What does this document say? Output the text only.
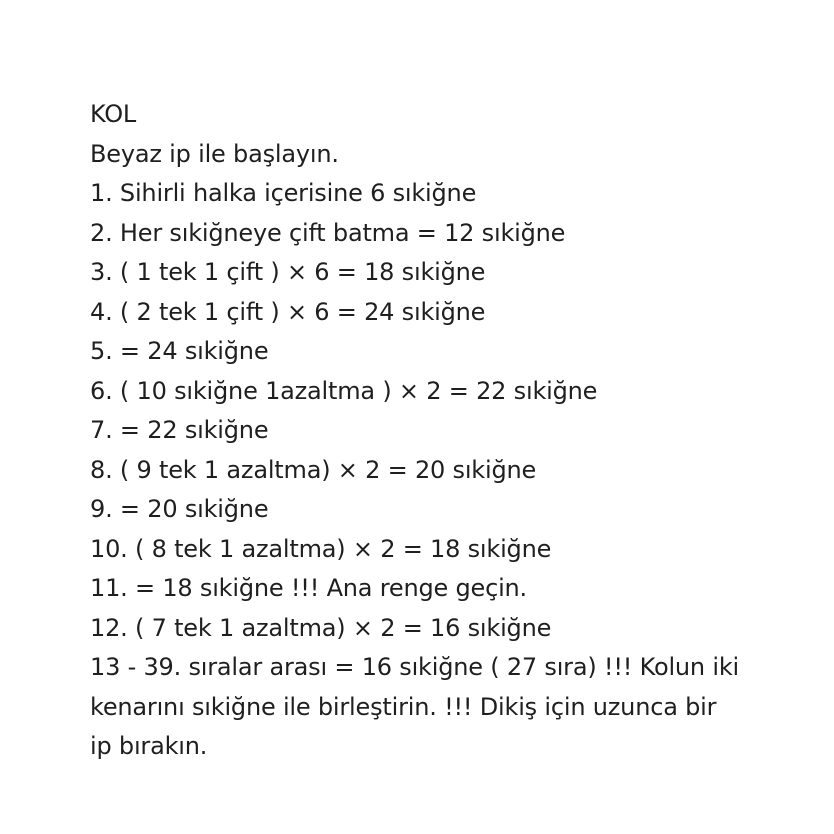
KOL
Beyaz ip ile başlayın.
1. Sihirli halka içerisine 6 sıkiğne
2. Her sıkiğneye çift batma = 12 sıkiğne
3. ( 1 tek 1 çift ) × 6 = 18 sıkiğne
4. ( 2 tek 1 çift ) × 6 = 24 sıkiğne
5. = 24 sıkiğne
6. ( 10 sıkiğne 1azaltma ) × 2 = 22 sıkiğne
7. = 22 sıkiğne
8. ( 9 tek 1 azaltma) × 2 = 20 sıkiğne
9. = 20 sıkiğne
10. ( 8 tek 1 azaltma) × 2 = 18 sıkiğne
11. = 18 sıkiğne !!! Ana renge geçin.
12. ( 7 tek 1 azaltma) × 2 = 16 sıkiğne
13 - 39. sıralar arası = 16 sıkiğne ( 27 sıra) !!! Kolun iki
kenarını sıkiğne ile birleştirin. !!! Dikiş için uzunca bir
ip bırakın.
